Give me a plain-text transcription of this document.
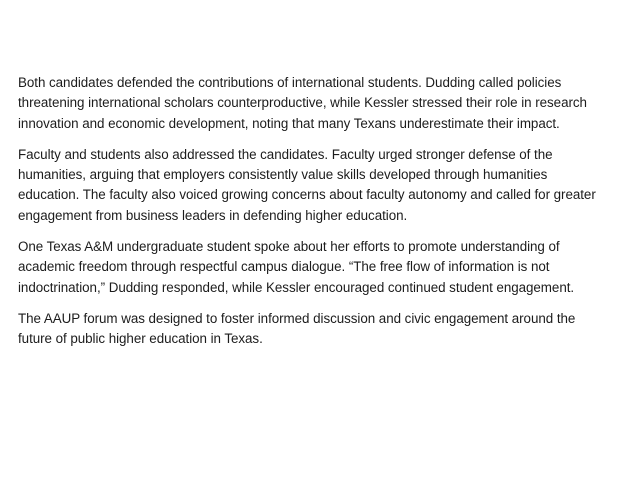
Both candidates defended the contributions of international students. Dudding called policies threatening international scholars counterproductive, while Kessler stressed their role in research innovation and economic development, noting that many Texans underestimate their impact.

Faculty and students also addressed the candidates. Faculty urged stronger defense of the humanities, arguing that employers consistently value skills developed through humanities education. The faculty also voiced growing concerns about faculty autonomy and called for greater engagement from business leaders in defending higher education.

One Texas A&M undergraduate student spoke about her efforts to promote understanding of academic freedom through respectful campus dialogue. “The free flow of information is not indoctrination,” Dudding responded, while Kessler encouraged continued student engagement.

The AAUP forum was designed to foster informed discussion and civic engagement around the future of public higher education in Texas.
